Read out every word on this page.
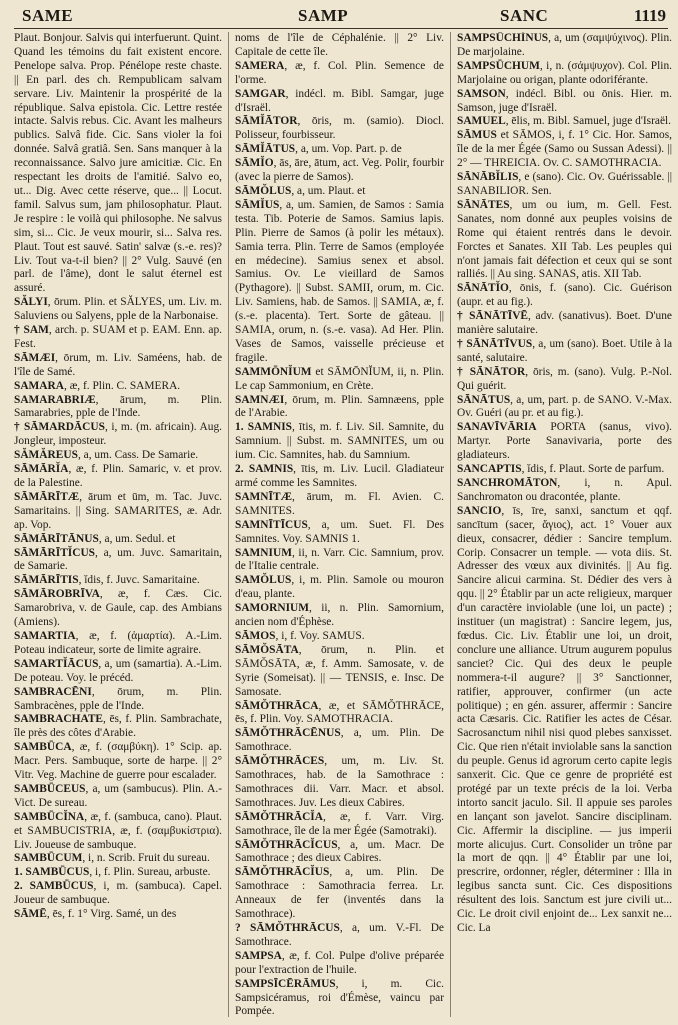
SAME	SAMP	SANC	1119

Plaut. Bonjour. Salvis qui interfuerunt. Quint. Quand les témoins du fait existent encore. Penelope salva. Prop. Pénélope reste chaste. || En parl. des ch. Rempublicam salvam servare. Liv. Maintenir la prospérité de la république. Salva epistola. Cic. Lettre restée intacte. Salvis rebus. Cic. Avant les malheurs publics. Salvâ fide. Cic. Sans violer la foi donnée. Salvâ gratiâ. Sen. Sans manquer à la reconnaissance. Salvo jure amicitiæ. Cic. En respectant les droits de l'amitié. Salvo eo, ut... Dig. Avec cette réserve, que... || Locut. famil. Salvus sum, jam philosophatur. Plaut. Je respire : le voilà qui philosophe. Ne salvus sim, si... Cic. Je veux mourir, si... Salva res. Plaut. Tout est sauvé. Satin' salvæ (s.-e. res)? Liv. Tout va-t-il bien? || 2° Vulg. Sauvé (en parl. de l'âme), dont le salut éternel est assuré.

SĂLYI, ōrum. Plin. et SĂLYES, um. Liv. m. Saluviens ou Salyens, pple de la Narbonaise.

† SAM, arch. p. SUAM et p. EAM. Enn. ap. Fest.

SĀMÆI, ōrum, m. Liv. Saméens, hab. de l'île de Samé.

SAMARA, æ, f. Plin. C. SAMERA.

SAMARABRIÆ, ārum, m. Plin. Samarabries, pple de l'Inde.

† SĀMARDĀCUS, i, m. (m. africain). Aug. Jongleur, imposteur.

SĂMĂREUS, a, um. Cass. De Samarie.

SĀMĀRĬA, æ, f. Plin. Samaric, v. et prov. de la Palestine.

SĀMĀRĪTÆ, ārum et ūm, m. Tac. Juvc. Samaritains. || Sing. SAMARITES, æ. Adr. ap. Vop.

SĀMĀRĪTĀNUS, a, um. Sedul. et

SĀMĀRĪTĬCUS, a, um. Juvc. Samaritain, de Samarie.

SĀMĀRĪTIS, ĭdis, f. Juvc. Samaritaine.

SĀMĀROBRĪVA, æ, f. Cæs. Cic. Samarobriva, v. de Gaule, cap. des Ambians (Amiens).

SAMARTIA, æ, f. (ἁμαρτία). A.-Lim. Poteau indicateur, sorte de limite agraire.

SAMARTĬĀCUS, a, um (samartia). A.-Lim. De poteau. Voy. le précéd.

SAMBRACĒNI, ōrum, m. Plin. Sambracènes, pple de l'Inde.

SAMBRACHATE, ēs, f. Plin. Sambrachate, île près des côtes d'Arabie.

SAMBŪCA, æ, f. (σαμβύκη). 1° Scip. ap. Macr. Pers. Sambuque, sorte de harpe. || 2° Vitr. Veg. Machine de guerre pour escalader.

SAMBŪCEUS, a, um (sambucus). Plin. A.-Vict. De sureau.

SAMBŪCĬNA, æ, f. (sambuca, cano). Plaut. et SAMBUCISTRIA, æ, f. (σαμβυκίστρια). Liv. Joueuse de sambuque.

SAMBŪCUM, i, n. Scrib. Fruit du sureau.

1. SAMBŪCUS, i, f. Plin. Sureau, arbuste.

2. SAMBŪCUS, i, m. (sambuca). Capel. Joueur de sambuque.

SĀMĒ, ēs, f. 1° Virg. Samé, un des

noms de l'île de Céphalénie. || 2° Liv. Capitale de cette île.

SAMERA, æ, f. Col. Plin. Semence de l'orme.

SAMGAR, indécl. m. Bibl. Samgar, juge d'Israël.

SĀMĬĀTOR, ōris, m. (samio). Diocl. Polisseur, fourbisseur.

SĀMĬĀTUS, a, um. Vop. Part. p. de

SĀMĬO, ās, āre, ātum, act. Veg. Polir, fourbir (avec la pierre de Samos).

SĀMŎLUS, a, um. Plaut. et

SĀMĬUS, a, um. Samien, de Samos : Samia testa. Tib. Poterie de Samos. Samius lapis. Plin. Pierre de Samos (à polir les métaux). Samia terra. Plin. Terre de Samos (employée en médecine). Samius senex et absol. Samius. Ov. Le vieillard de Samos (Pythagore). || Subst. SAMII, orum, m. Cic. Liv. Samiens, hab. de Samos. || SAMIA, æ, f. (s.-e. placenta). Tert. Sorte de gâteau. || SAMIA, orum, n. (s.-e. vasa). Ad Her. Plin. Vases de Samos, vaisselle précieuse et fragile.

SAMMŌNĬUM et SĀMŌNĬUM, ii, n. Plin. Le cap Sammonium, en Crète.

SAMNÆI, ōrum, m. Plin. Samnæens, pple de l'Arabie.

1. SAMNIS, ītis, m. f. Liv. Sil. Samnite, du Samnium. || Subst. m. SAMNITES, um ou ium. Cic. Samnites, hab. du Samnium.

2. SAMNIS, ītis, m. Liv. Lucil. Gladiateur armé comme les Samnites.

SAMNĪTÆ, ārum, m. Fl. Avien. C. SAMNITES.

SAMNĪTĪCUS, a, um. Suet. Fl. Des Samnites. Voy. SAMNIS 1.

SAMNIUM, ii, n. Varr. Cic. Samnium, prov. de l'Italie centrale.

SAMŎLUS, i, m. Plin. Samole ou mouron d'eau, plante.

SAMORNIUM, ii, n. Plin. Samornium, ancien nom d'Éphèse.

SĀMOS, i, f. Voy. SAMUS.

SĀMŎSĀTA, ōrum, n. Plin. et SĀMŎSĀTA, æ, f. Amm. Samosate, v. de Syrie (Someisat). || — TENSIS, e. Insc. De Samosate.

SĀMŎTHRĀCA, æ, et SĀMŎTHRĀCE, ēs, f. Plin. Voy. SAMOTHRACIA.

SĀMŎTHRĀCĒNUS, a, um. Plin. De Samothrace.

SĀMŎTHRĀCES, um, m. Liv. St. Samothraces, hab. de la Samothrace : Samothraces dii. Varr. Macr. et absol. Samothraces. Juv. Les dieux Cabires.

SĀMŎTHRĀCĬA, æ, f. Varr. Virg. Samothrace, île de la mer Égée (Samotraki).

SĀMŎTHRĀCĬCUS, a, um. Macr. De Samothrace ; des dieux Cabires.

SĀMŎTHRĀCĬUS, a, um. Plin. De Samothrace : Samothracia ferrea. Lr. Anneaux de fer (inventés dans la Samothrace).

? SĀMŎTHRĀCUS, a, um. V.-Fl. De Samothrace.

SAMPSA, æ, f. Col. Pulpe d'olive préparée pour l'extraction de l'huile.

SAMPSĪCĒRĀMUS, i, m. Cic. Sampsicéramus, roi d'Émèse, vaincu par Pompée.

SAMPSŪCHĬNUS, a, um (σαμψύχινος). Plin. De marjolaine.

SAMPSŪCHUM, i, n. (σάμψυχον). Col. Plin. Marjolaine ou origan, plante odoriférante.

SAMSON, indécl. Bibl. ou ōnis. Hier. m. Samson, juge d'Israël.

SAMUEL, ēlis, m. Bibl. Samuel, juge d'Israël.

SĀMUS et SĀMOS, i, f. 1° Cic. Hor. Samos, île de la mer Égée (Samo ou Sussan Adessi). || 2° — THREICIA. Ov. C. SAMOTHRACIA.

SĀNĀBĬLIS, e (sano). Cic. Ov. Guérissable. || SANABILIOR. Sen.

SĀNĀTES, um ou ium, m. Gell. Fest. Sanates, nom donné aux peuples voisins de Rome qui étaient rentrés dans le devoir. Forctes et Sanates. XII Tab. Les peuples qui n'ont jamais fait défection et ceux qui se sont ralliés. || Au sing. SANAS, atis. XII Tab.

SĀNĀTĬO, ōnis, f. (sano). Cic. Guérison (aupr. et au fig.).

† SĀNĀTĪVĒ, adv. (sanativus). Boet. D'une manière salutaire.

† SĀNĀTĪVUS, a, um (sano). Boet. Utile à la santé, salutaire.

† SĀNĀTOR, ōris, m. (sano). Vulg. P.-Nol. Qui guérit.

SĀNĀTUS, a, um, part. p. de SANO. V.-Max. Ov. Guéri (au pr. et au fig.).

SANAVĪVĀRIA PORTA (sanus, vivo). Martyr. Porte Sanavivaria, porte des gladiateurs.

SANCAPTIS, ĭdis, f. Plaut. Sorte de parfum.

SANCHROMĀTON, i, n. Apul. Sanchromaton ou dracontée, plante.

SANCIO, īs, īre, sanxi, sanctum et qqf. sancītum (sacer, ἅγιος), act. 1° Vouer aux dieux, consacrer, dédier : Sancire templum. Corip. Consacrer un temple. — vota diis. St. Adresser des vœux aux divinités. || Au fig. Sancire alicui carmina. St. Dédier des vers à qqu. || 2° Établir par un acte religieux, marquer d'un caractère inviolable (une loi, un pacte) ; instituer (un magistrat) : Sancire legem, jus, fœdus. Cic. Liv. Établir une loi, un droit, conclure une alliance. Utrum augurem populus sanciet? Cic. Qui des deux le peuple nommera-t-il augure? || 3° Sanctionner, ratifier, approuver, confirmer (un acte politique) ; en gén. assurer, affermir : Sancire acta Cæsaris. Cic. Ratifier les actes de César. Sacrosanctum nihil nisi quod plebes sanxisset. Cic. Que rien n'était inviolable sans la sanction du peuple. Genus id agrorum certo capite legis sanxerit. Cic. Que ce genre de propriété est protégé par un texte précis de la loi. Verba intorto sancit jaculo. Sil. Il appuie ses paroles en lançant son javelot. Sancire disciplinam. Cic. Affermir la discipline. — jus imperii morte alicujus. Curt. Consolider un trône par la mort de qqn. || 4° Établir par une loi, prescrire, ordonner, régler, déterminer : Illa in legibus sancta sunt. Cic. Ces dispositions résultent des lois. Sanctum est jure civili ut... Cic. Le droit civil enjoint de... Lex sanxit ne... Cic. La
